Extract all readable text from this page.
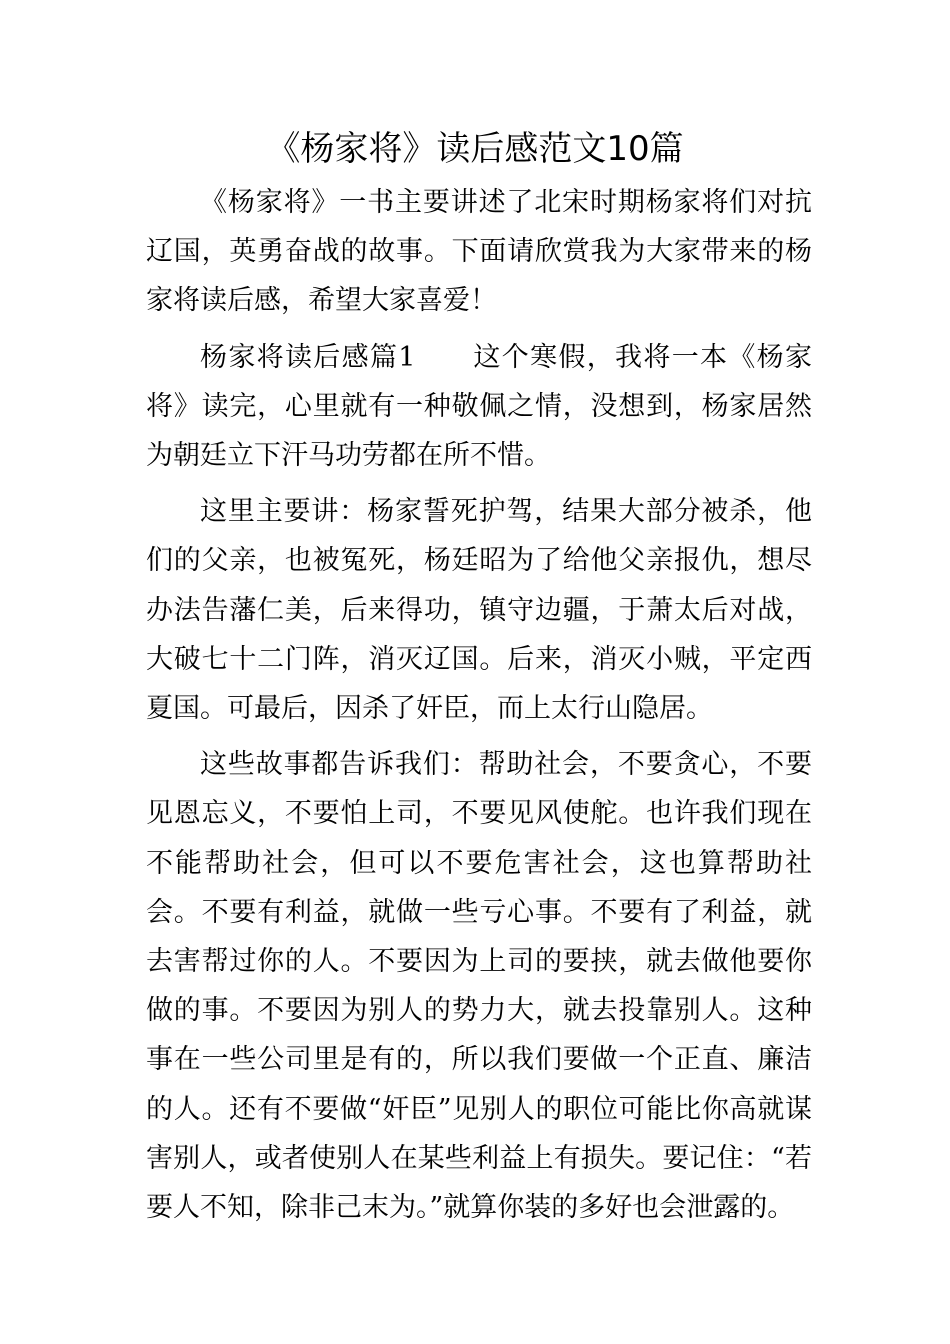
《杨家将》读后感范文10篇

《杨家将》一书主要讲述了北宋时期杨家将们对抗辽国，英勇奋战的故事。下面请欣赏我为大家带来的杨家将读后感，希望大家喜爱！

杨家将读后感篇1　　这个寒假，我将一本《杨家将》读完，心里就有一种敬佩之情，没想到，杨家居然为朝廷立下汗马功劳都在所不惜。

这里主要讲：杨家誓死护驾，结果大部分被杀，他们的父亲，也被冤死，杨廷昭为了给他父亲报仇，想尽办法告藩仁美，后来得功，镇守边疆，于萧太后对战，大破七十二门阵，消灭辽国。后来，消灭小贼，平定西夏国。可最后，因杀了奸臣，而上太行山隐居。

这些故事都告诉我们：帮助社会，不要贪心，不要见恩忘义，不要怕上司，不要见风使舵。也许我们现在不能帮助社会，但可以不要危害社会，这也算帮助社会。不要有利益，就做一些亏心事。不要有了利益，就去害帮过你的人。不要因为上司的要挟，就去做他要你做的事。不要因为别人的势力大，就去投靠别人。这种事在一些公司里是有的，所以我们要做一个正直、廉洁的人。还有不要做“奸臣”见别人的职位可能比你高就谋害别人，或者使别人在某些利益上有损失。要记住：“若要人不知，除非己末为。”就算你装的多好也会泄露的。
